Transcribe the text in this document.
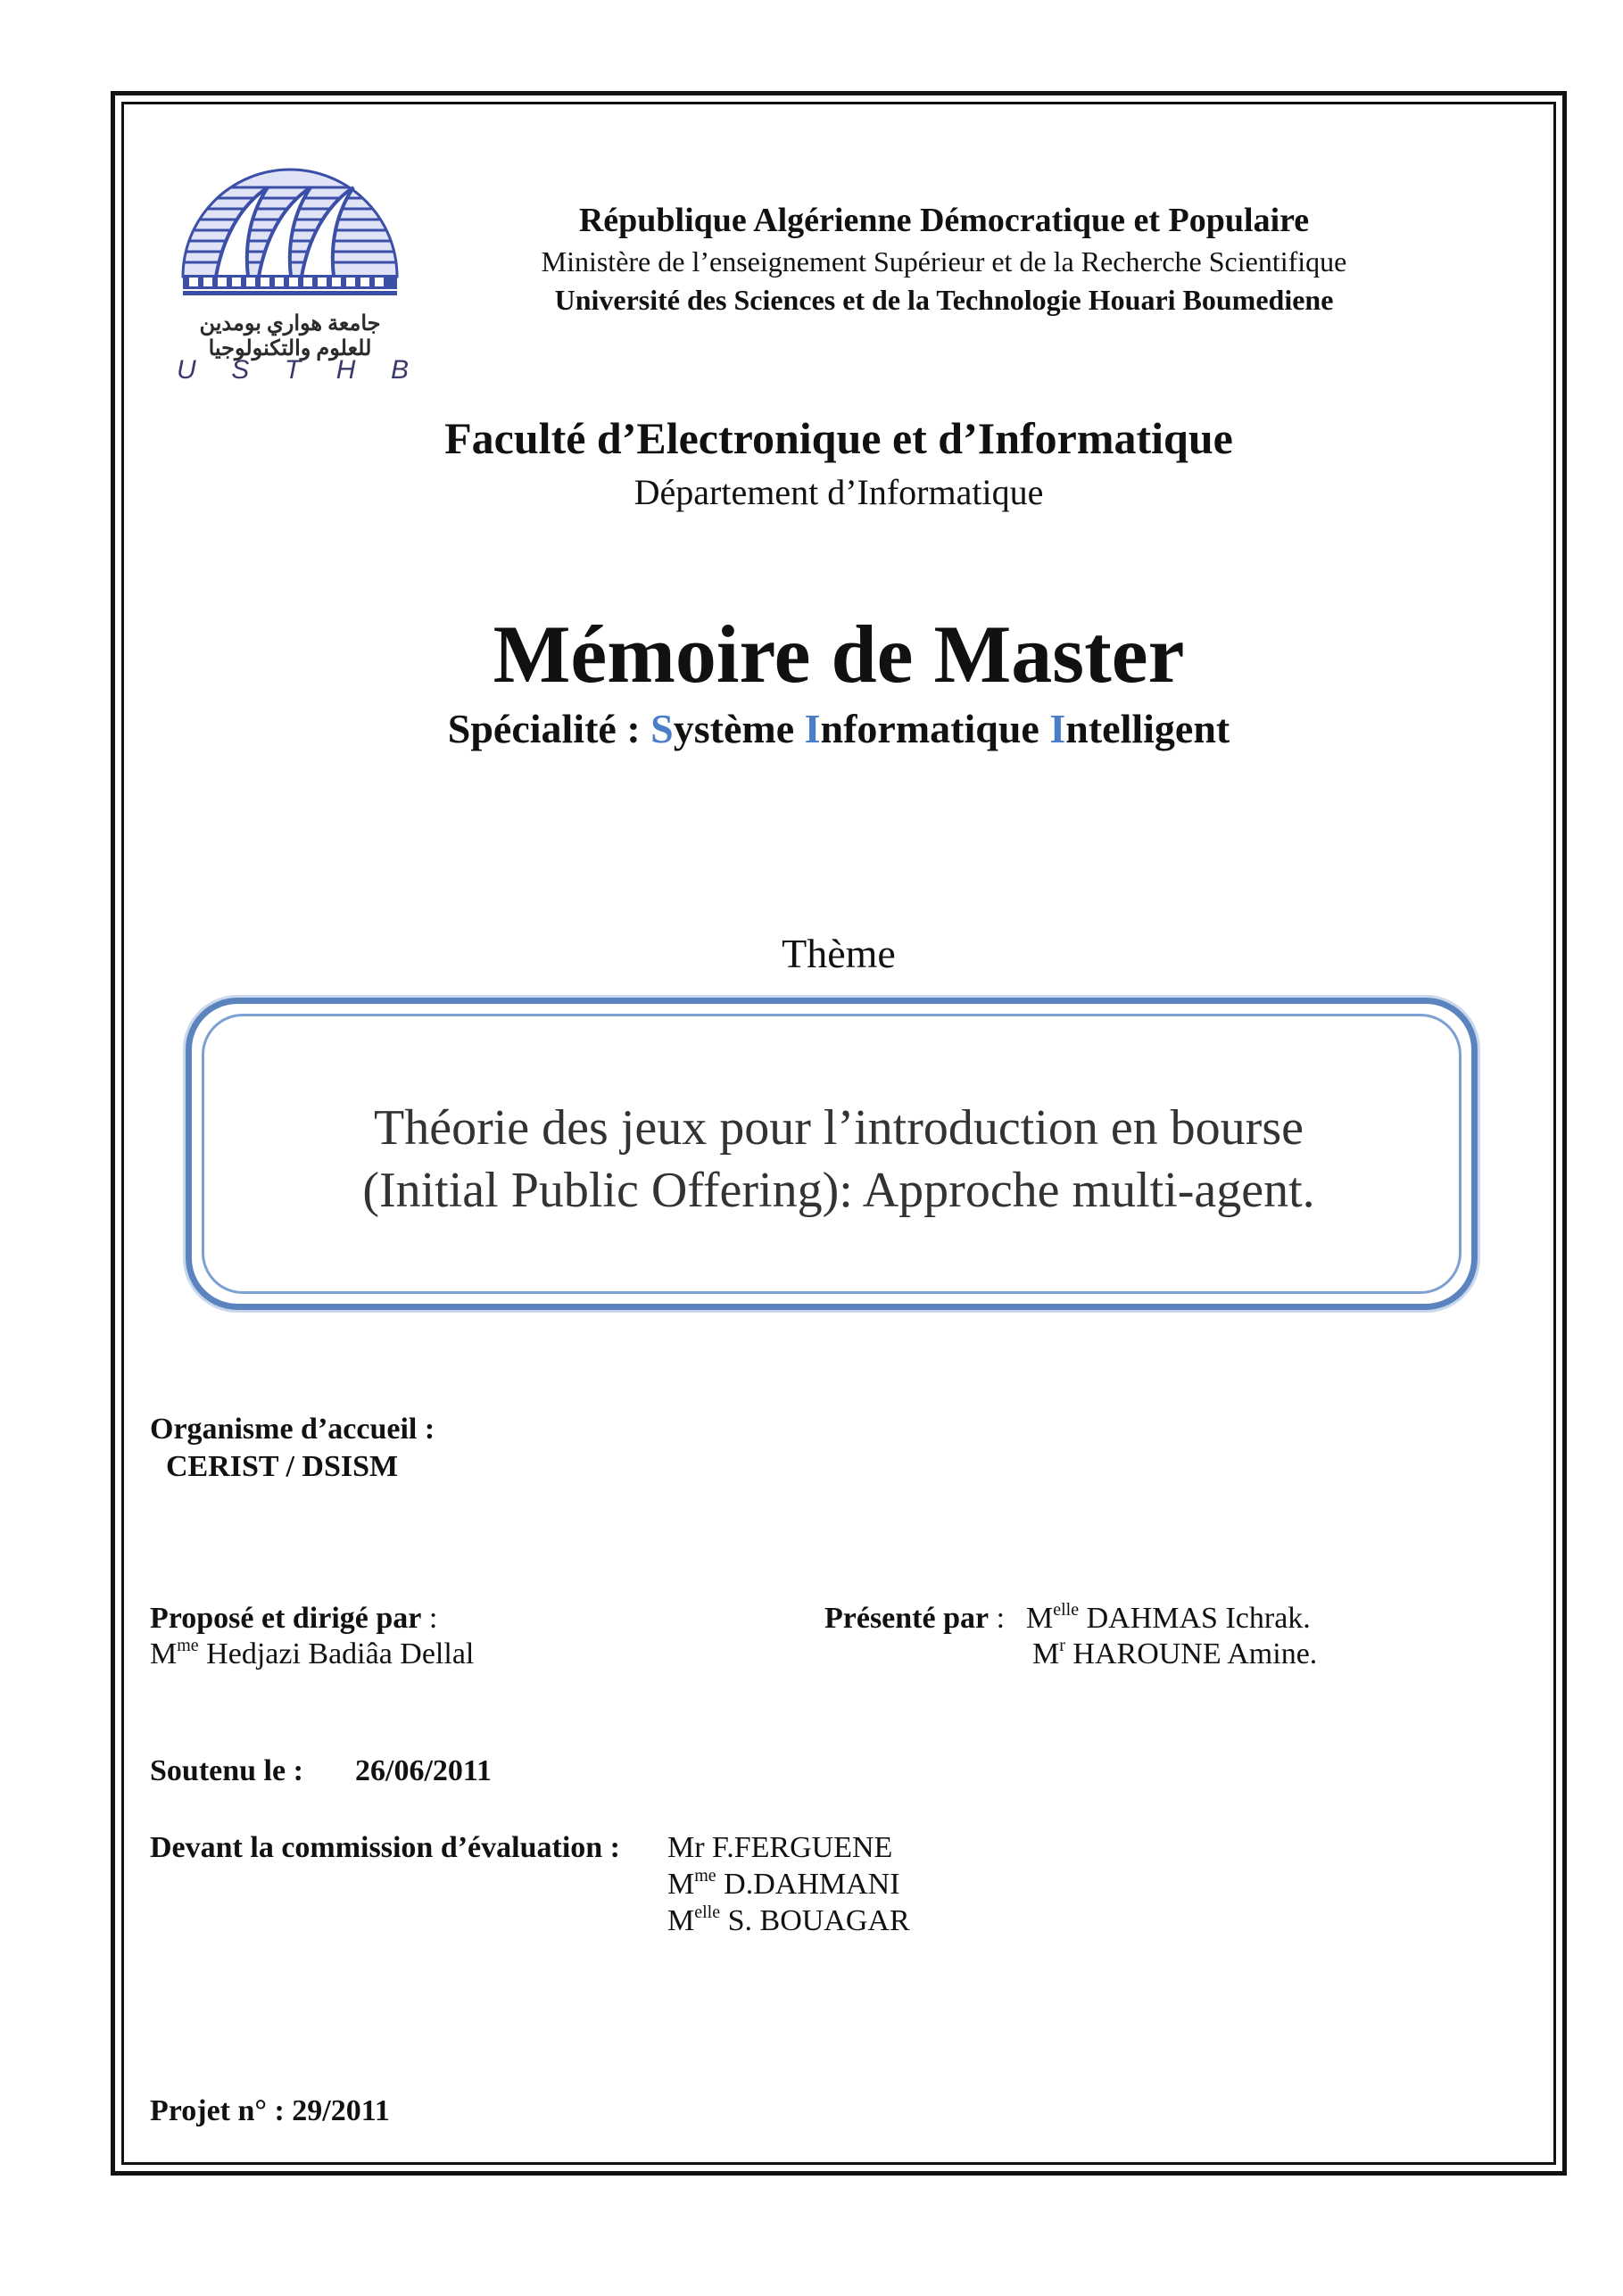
جامعة هواري بومدين
للعلوم والتكنولوجيا
U S T H B
République Algérienne Démocratique et Populaire
Ministère de l’enseignement Supérieur et de la Recherche Scientifique
Université des Sciences et de la Technologie Houari Boumediene
Faculté d’Electronique et d’Informatique
Département d’Informatique
Mémoire de Master
Spécialité : Système Informatique Intelligent
Thème
Théorie des jeux pour l’introduction en bourse
(Initial Public Offering): Approche multi-agent.
Organisme d’accueil :
CERIST / DSISM
Proposé et dirigé par :
$M^{me}$ Hedjazi Badiâa Dellal
Présenté par : $M^{elle}$ DAHMAS Ichrak.
$M^r$ HAROUNE Amine.
Soutenu le : 26/06/2011
Devant la commission d’évaluation : Mr F.FERGUENE
$M^{me}$ D.DAHMANI
$M^{elle}$ S. BOUAGAR
Projet n° : 29/2011
